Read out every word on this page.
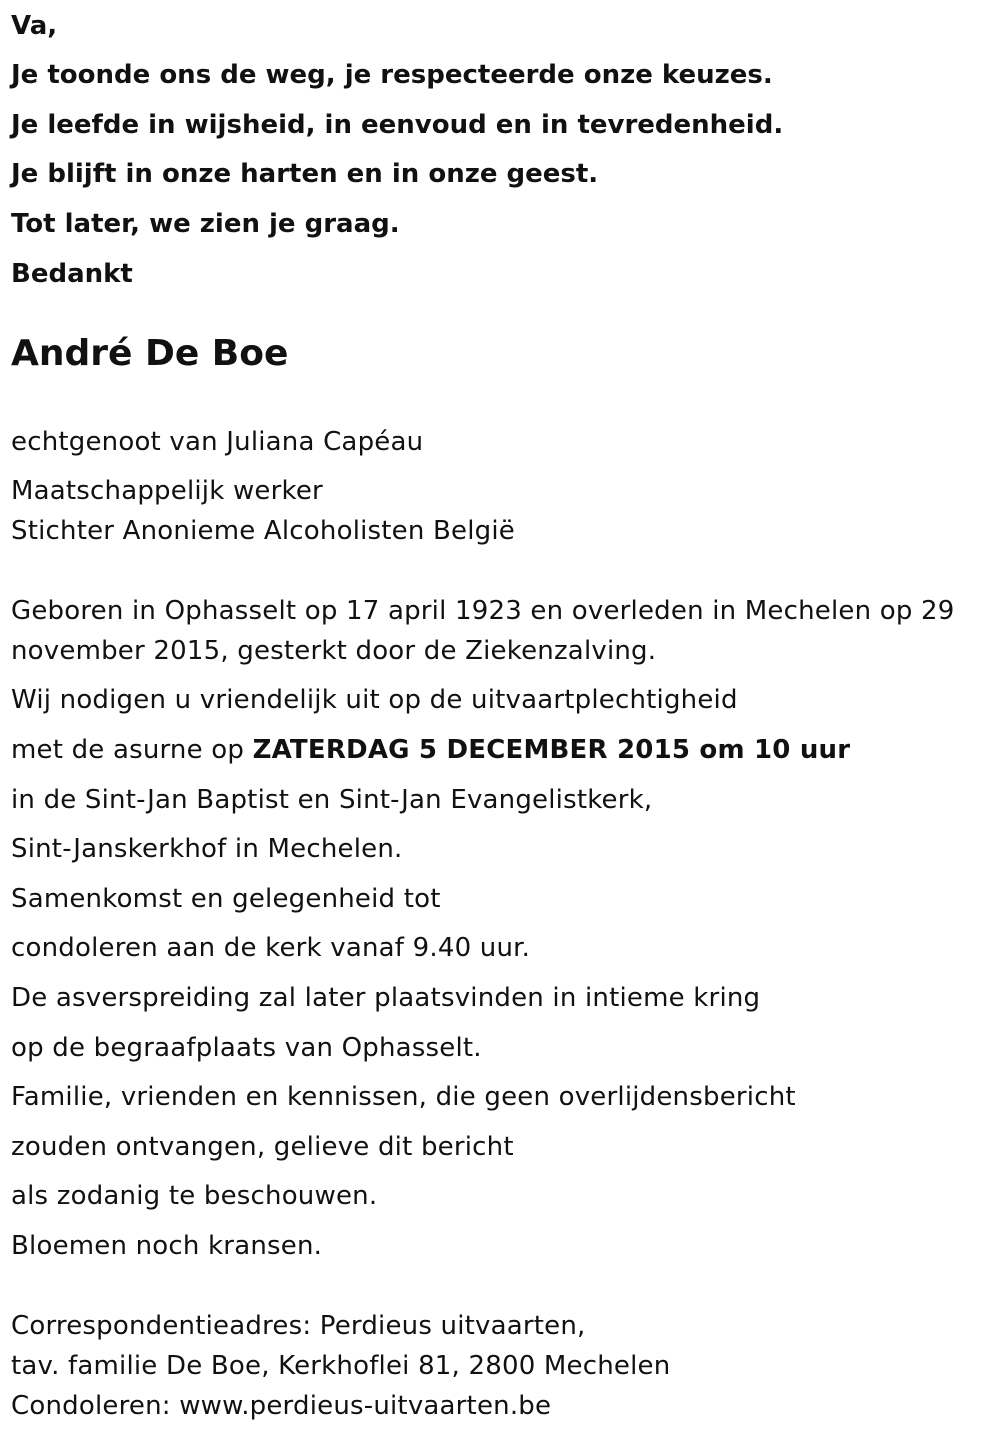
Va,
Je toonde ons de weg, je respecteerde onze keuzes.
Je leefde in wijsheid, in eenvoud en in tevredenheid.
Je blijft in onze harten en in onze geest.
Tot later, we zien je graag.
Bedankt
André De Boe
echtgenoot van Juliana Capéau
Maatschappelijk werker
Stichter Anonieme Alcoholisten België
Geboren in Ophasselt op 17 april 1923 en overleden in Mechelen op 29 november 2015, gesterkt door de Ziekenzalving.
Wij nodigen u vriendelijk uit op de uitvaartplechtigheid
met de asurne op ZATERDAG 5 DECEMBER 2015 om 10 uur
in de Sint-Jan Baptist en Sint-Jan Evangelistkerk,
Sint-Janskerkhof in Mechelen.
Samenkomst en gelegenheid tot
condoleren aan de kerk vanaf 9.40 uur.
De asverspreiding zal later plaatsvinden in intieme kring
op de begraafplaats van Ophasselt.
Familie, vrienden en kennissen, die geen overlijdensbericht
zouden ontvangen, gelieve dit bericht
als zodanig te beschouwen.
Bloemen noch kransen.
Correspondentieadres: Perdieus uitvaarten,
tav. familie De Boe, Kerkhoflei 81, 2800 Mechelen
Condoleren: www.perdieus-uitvaarten.be
